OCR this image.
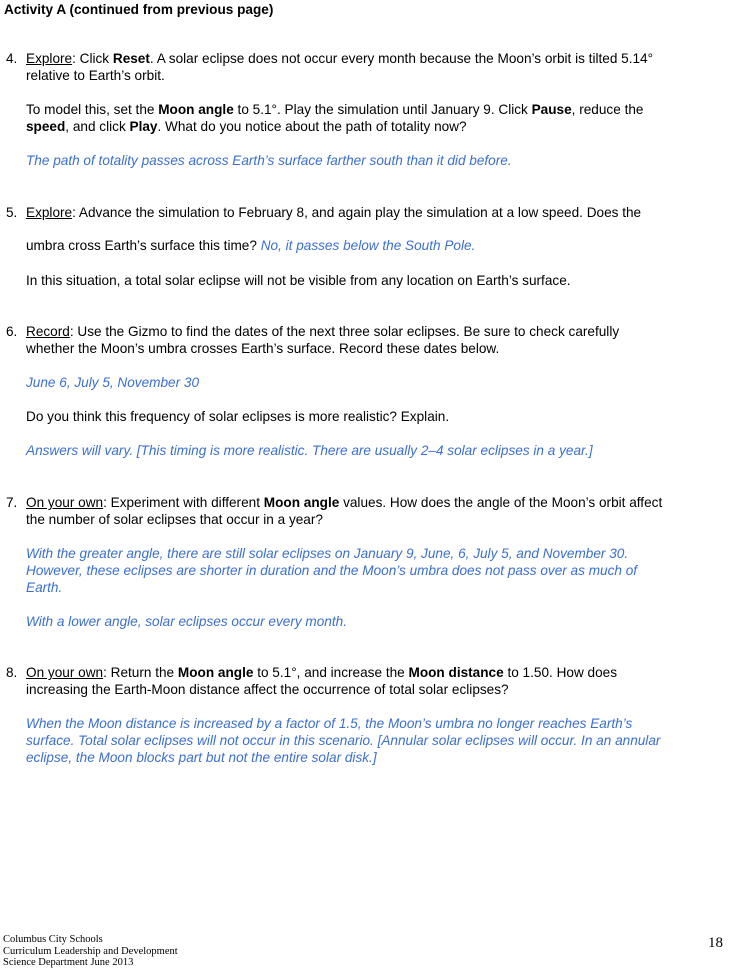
Activity A (continued from previous page)
4. Explore: Click Reset. A solar eclipse does not occur every month because the Moon’s orbit is tilted 5.14°
relative to Earth’s orbit.
To model this, set the Moon angle to 5.1°. Play the simulation until January 9. Click Pause, reduce the
speed, and click Play. What do you notice about the path of totality now?
The path of totality passes across Earth’s surface farther south than it did before.
5. Explore: Advance the simulation to February 8, and again play the simulation at a low speed. Does the
umbra cross Earth’s surface this time? No, it passes below the South Pole.
In this situation, a total solar eclipse will not be visible from any location on Earth’s surface.
6. Record: Use the Gizmo to find the dates of the next three solar eclipses. Be sure to check carefully
whether the Moon’s umbra crosses Earth’s surface. Record these dates below.
June 6, July 5, November 30
Do you think this frequency of solar eclipses is more realistic? Explain.
Answers will vary. [This timing is more realistic. There are usually 2–4 solar eclipses in a year.]
7. On your own: Experiment with different Moon angle values. How does the angle of the Moon’s orbit affect
the number of solar eclipses that occur in a year?
With the greater angle, there are still solar eclipses on January 9, June, 6, July 5, and November 30.
However, these eclipses are shorter in duration and the Moon’s umbra does not pass over as much of
Earth.
With a lower angle, solar eclipses occur every month.
8. On your own: Return the Moon angle to 5.1°, and increase the Moon distance to 1.50. How does
increasing the Earth-Moon distance affect the occurrence of total solar eclipses?
When the Moon distance is increased by a factor of 1.5, the Moon’s umbra no longer reaches Earth’s
surface. Total solar eclipses will not occur in this scenario. [Annular solar eclipses will occur. In an annular
eclipse, the Moon blocks part but not the entire solar disk.]
Columbus City Schools
Curriculum Leadership and Development
Science Department June 2013
18
